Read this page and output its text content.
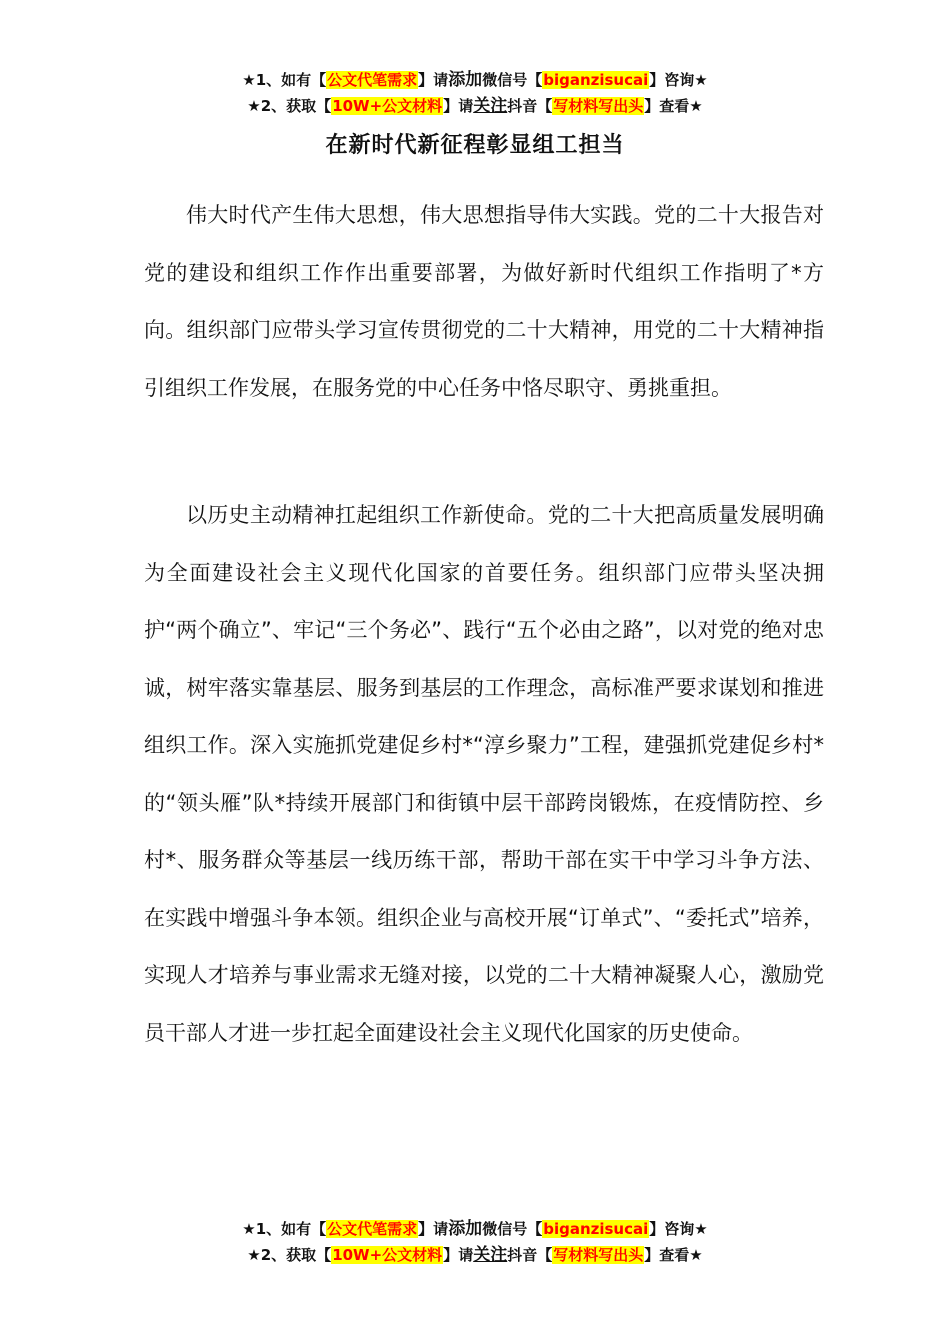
★1、如有【公文代笔需求】请添加微信号【biganzisucai】咨询★
★2、获取【10W+公文材料】请关注抖音【写材料写出头】查看★
在新时代新征程彰显组工担当

伟大时代产生伟大思想，伟大思想指导伟大实践。党的二十大报告对党的建设和组织工作作出重要部署，为做好新时代组织工作指明了*方向。组织部门应带头学习宣传贯彻党的二十大精神，用党的二十大精神指引组织工作发展，在服务党的中心任务中恪尽职守、勇挑重担。

以历史主动精神扛起组织工作新使命。党的二十大把高质量发展明确为全面建设社会主义现代化国家的首要任务。组织部门应带头坚决拥护“两个确立”、牢记“三个务必”、践行“五个必由之路”，以对党的绝对忠诚，树牢落实靠基层、服务到基层的工作理念，高标准严要求谋划和推进组织工作。深入实施抓党建促乡村*“淳乡聚力”工程，建强抓党建促乡村*的“领头雁”队*持续开展部门和街镇中层干部跨岗锻炼，在疫情防控、乡村*、服务群众等基层一线历练干部，帮助干部在实干中学习斗争方法、在实践中增强斗争本领。组织企业与高校开展“订单式”、“委托式”培养，实现人才培养与事业需求无缝对接，以党的二十大精神凝聚人心，激励党员干部人才进一步扛起全面建设社会主义现代化国家的历史使命。

★1、如有【公文代笔需求】请添加微信号【biganzisucai】咨询★
★2、获取【10W+公文材料】请关注抖音【写材料写出头】查看★
